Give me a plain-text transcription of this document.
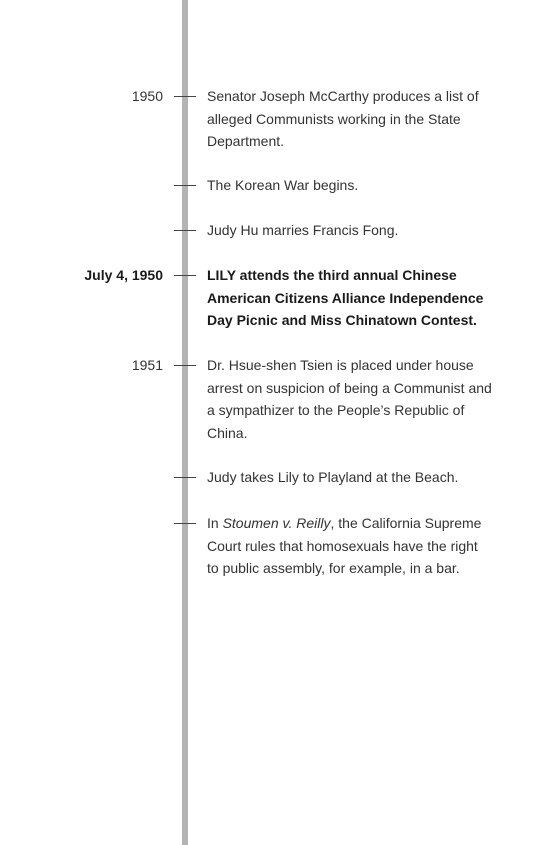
1950	Senator Joseph McCarthy produces a list of alleged Communists working in the State Department.
The Korean War begins.
Judy Hu marries Francis Fong.
July 4, 1950	LILY attends the third annual Chinese American Citizens Alliance Independence Day Picnic and Miss Chinatown Contest.
1951	Dr. Hsue-shen Tsien is placed under house arrest on suspicion of being a Communist and a sympathizer to the People’s Republic of China.
Judy takes Lily to Playland at the Beach.
In Stoumen v. Reilly, the California Supreme Court rules that homosexuals have the right to public assembly, for example, in a bar.
